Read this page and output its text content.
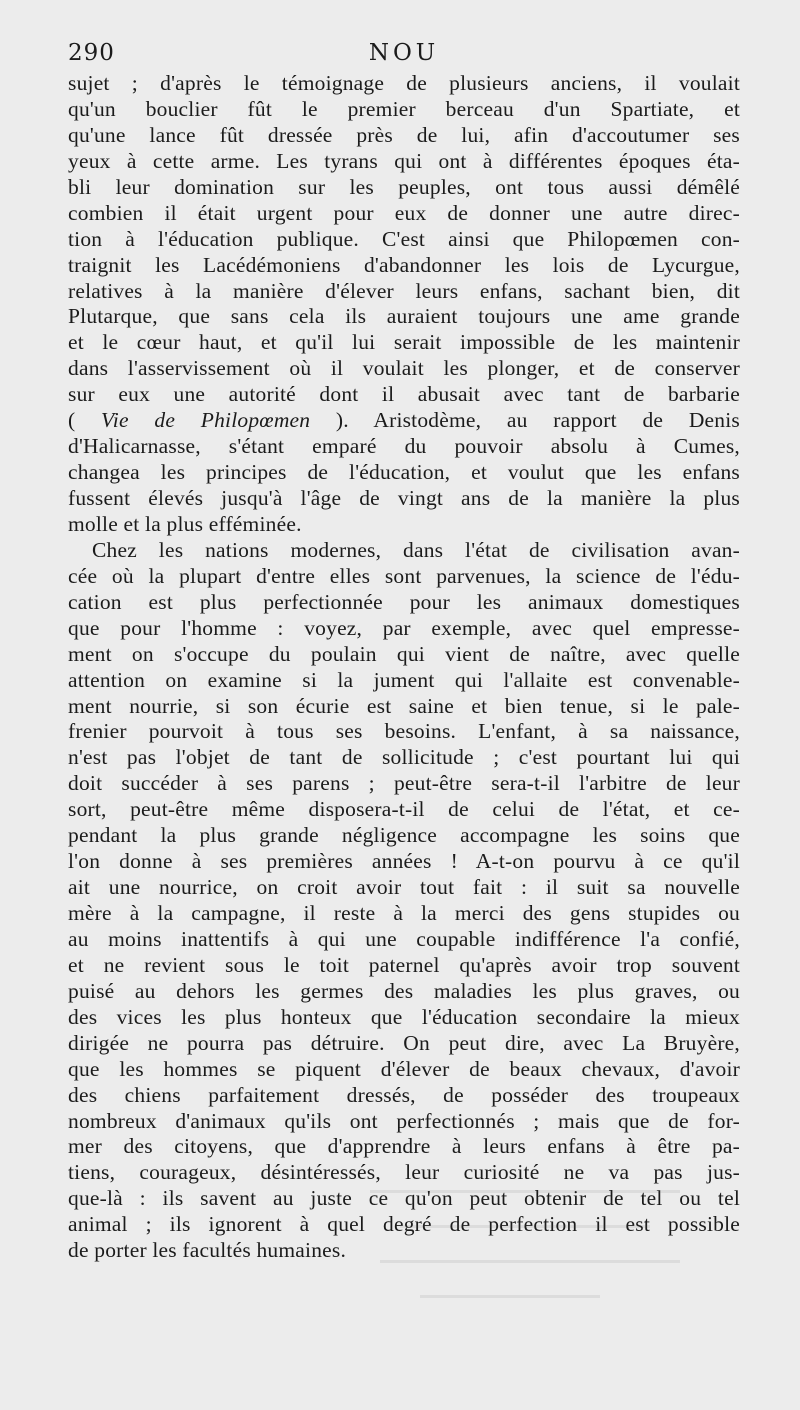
290	NOU
sujet ; d'après le témoignage de plusieurs anciens, il voulait
qu'un bouclier fût le premier berceau d'un Spartiate, et
qu'une lance fût dressée près de lui, afin d'accoutumer ses
yeux à cette arme. Les tyrans qui ont à différentes époques éta-
bli leur domination sur les peuples, ont tous aussi démêlé
combien il était urgent pour eux de donner une autre direc-
tion à l'éducation publique. C'est ainsi que Philopœmen con-
traignit les Lacédémoniens d'abandonner les lois de Lycurgue,
relatives à la manière d'élever leurs enfans, sachant bien, dit
Plutarque, que sans cela ils auraient toujours une ame grande
et le cœur haut, et qu'il lui serait impossible de les maintenir
dans l'asservissement où il voulait les plonger, et de conserver
sur eux une autorité dont il abusait avec tant de barbarie
( Vie de Philopœmen ). Aristodème, au rapport de Denis
d'Halicarnasse, s'étant emparé du pouvoir absolu à Cumes,
changea les principes de l'éducation, et voulut que les enfans
fussent élevés jusqu'à l'âge de vingt ans de la manière la plus
molle et la plus efféminée.
Chez les nations modernes, dans l'état de civilisation avan-
cée où la plupart d'entre elles sont parvenues, la science de l'édu-
cation est plus perfectionnée pour les animaux domestiques
que pour l'homme : voyez, par exemple, avec quel empresse-
ment on s'occupe du poulain qui vient de naître, avec quelle
attention on examine si la jument qui l'allaite est convenable-
ment nourrie, si son écurie est saine et bien tenue, si le pale-
frenier pourvoit à tous ses besoins. L'enfant, à sa naissance,
n'est pas l'objet de tant de sollicitude ; c'est pourtant lui qui
doit succéder à ses parens ; peut-être sera-t-il l'arbitre de leur
sort, peut-être même disposera-t-il de celui de l'état, et ce-
pendant la plus grande négligence accompagne les soins que
l'on donne à ses premières années ! A-t-on pourvu à ce qu'il
ait une nourrice, on croit avoir tout fait : il suit sa nouvelle
mère à la campagne, il reste à la merci des gens stupides ou
au moins inattentifs à qui une coupable indifférence l'a confié,
et ne revient sous le toit paternel qu'après avoir trop souvent
puisé au dehors les germes des maladies les plus graves, ou
des vices les plus honteux que l'éducation secondaire la mieux
dirigée ne pourra pas détruire. On peut dire, avec La Bruyère,
que les hommes se piquent d'élever de beaux chevaux, d'avoir
des chiens parfaitement dressés, de posséder des troupeaux
nombreux d'animaux qu'ils ont perfectionnés ; mais que de for-
mer des citoyens, que d'apprendre à leurs enfans à être pa-
tiens, courageux, désintéressés, leur curiosité ne va pas jus-
que-là : ils savent au juste ce qu'on peut obtenir de tel ou tel
animal ; ils ignorent à quel degré de perfection il est possible
de porter les facultés humaines.
